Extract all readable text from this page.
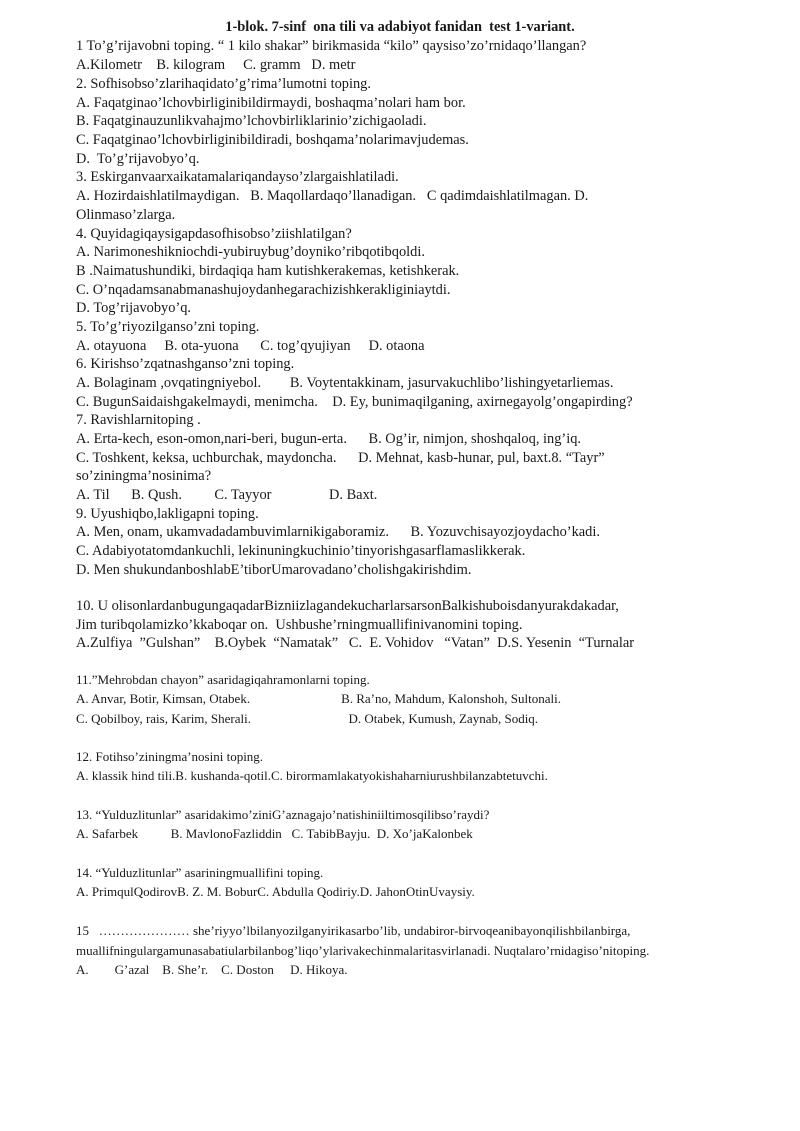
1-blok. 7-sinf  ona tili va adabiyot fanidan  test 1-variant.
1 To’g’rijavobni toping. “ 1 kilo shakar” birikmasida “kilo” qaysiso’zo’rnidaqo’llangan?
A.Kilometr    B. kilogram     C. gramm   D. metr
2. Sofhisobso’zlarihaqidato’g’rima’lumotni toping.
A. Faqatginao’lchovbirliginibildirmaydi, boshaqma’nolari ham bor.
B. Faqatginauzunlikvahajmo’lchovbirliklarinio’zichigaoladi.
C. Faqatginao’lchovbirliginibildiradi, boshqama’nolarimavjudemas.
D.  To’g’rijavobyo’q.
3. Eskirganvaarxaikatamalariqandayso’zlargaishlatiladi.
A. Hozirdaishlatilmaydigan.   B. Maqollardaqo’llanadigan.   C qadimdaishlatilmagan. D.
Olinmaso’zlarga.
4. Quyidagiqaysigapdasofhisobso’ziishlatilgan?
A. Narimoneshikniochdi-yubiruybug’doyniko’ribqotibqoldi.
B .Naimatushundiki, birdaqiqa ham kutishkerakemas, ketishkerak.
C. O’nqadamsanabmanashujoydanhegarachizishkerakliginiaytdi.
D. Tog’rijavobyo’q.
5. To’g’riyozilganso’zni toping.
A. otayuona     B. ota-yuona      C. tog’qyujiyan     D. otaona
6. Kirishso’zqatnashganso’zni toping.
A. Bolaginam ,ovqatingniyebol.        B. Voytentakkinam, jasurvakuchlibo’lishingyetarliemas.
C. BugunSaidaishgakelmaydi, menimcha.    D. Ey, bunimaqilganing, axirnegayolg’ongapirding?
7. Ravishlarnitoping .
A. Erta-kech, eson-omon,nari-beri, bugun-erta.      B. Og’ir, nimjon, shoshqaloq, ing’iq.
C. Toshkent, keksa, uchburchak, maydoncha.      D. Mehnat, kasb-hunar, pul, baxt.8. “Tayr”
so’ziningma’nosinima?
A. Til      B. Qush.         C. Tayyor                D. Baxt.
9. Uyushiqbo,lakligapni toping.
A. Men, onam, ukamvadadambuvimlarnikigaboramiz.      B. Yozuvchisayozjoydacho’kadi.
C. Adabiyotatomdankuchli, lekinuningkuchinio’tinyorishgasarflamaslikkerak.
D. Men shukundanboshlabE’tiborUmarovadano’cholishgakirishdim.
10. U olisonlardanbugungaqadarBizniizlagandekucharlarsarsonBalkishuboisdanyurakdakadar,
Jim turibqolamizko’kkaboqar on.  Ushbushe’rningmuallifinivanomini toping.
A.Zulfiya  ”Gulshan”    B.Oybek  “Namatak”   C.  E. Vohidov   “Vatan”  D.S. Yesenin  “Turnalar
11.”Mehrobdan chayon” asaridagiqahramonlarni toping.
A. Anvar, Botir, Kimsan, Otabek.                            B. Ra’no, Mahdum, Kalonshoh, Sultonali.
C. Qobilboy, rais, Karim, Sherali.                              D. Otabek, Kumush, Zaynab, Sodiq.
12. Fotihso’ziningma’nosini toping.
A. klassik hind tili.B. kushanda-qotil.C. birormamlakatyokishaharniurushbilanzabtetuvchi.
13. “Yulduzlitunlar” asaridakimo’ziniG’aznagajo’natishiniiltimosqilibso’raydi?
A. Safarbek          B. MavlonoFazliddin   C. TabibBayju.  D. Xo’jaKalonbek
14. “Yulduzlitunlar” asariningmuallifini toping.
A. PrimqulQodirovB. Z. M. BoburC. Abdulla Qodiriy.D. JahonOtinUvaysiy.
15   ………………… she’riyyo’lbilanyozilganyirikasarbo’lib, undabiror-birvoqeanibayonqilishbilanbirga,
muallifningulargamunasabatiularbilanbog’liqo’ylarivakechinmalaritasvirlanadi. Nuqtalaro’rnidagiso’nitoping.
A.        G’azal    B. She’r.    C. Doston     D. Hikoya.
